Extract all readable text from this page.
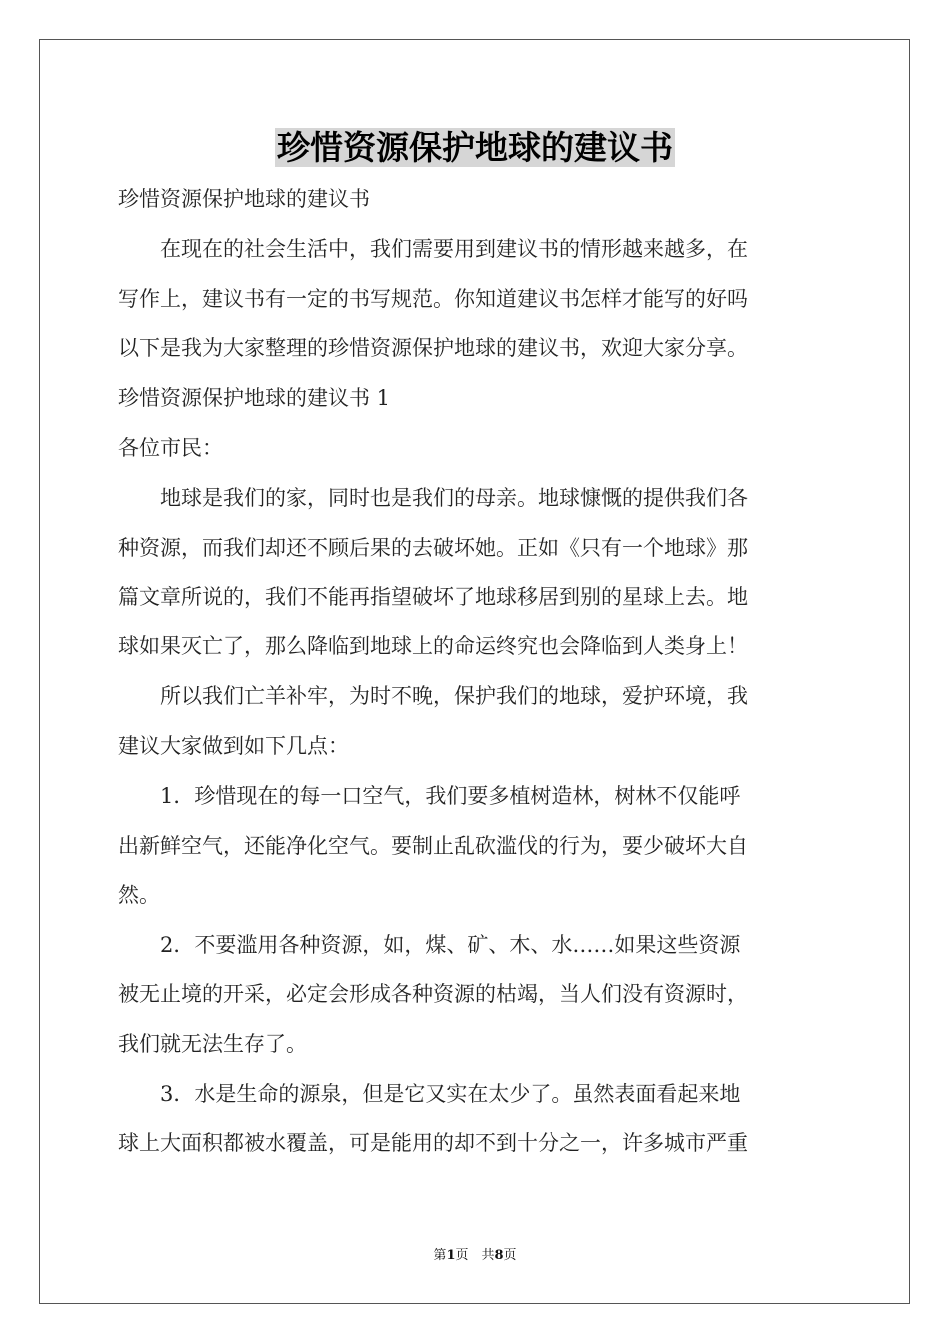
珍惜资源保护地球的建议书
珍惜资源保护地球的建议书
　　在现在的社会生活中，我们需要用到建议书的情形越来越多，在
写作上，建议书有一定的书写规范。你知道建议书怎样才能写的好吗
以下是我为大家整理的珍惜资源保护地球的建议书，欢迎大家分享。
珍惜资源保护地球的建议书 1
各位市民：
　　地球是我们的家，同时也是我们的母亲。地球慷慨的提供我们各
种资源，而我们却还不顾后果的去破坏她。正如《只有一个地球》那
篇文章所说的，我们不能再指望破坏了地球移居到别的星球上去。地
球如果灭亡了，那么降临到地球上的命运终究也会降临到人类身上！
　　所以我们亡羊补牢，为时不晚，保护我们的地球，爱护环境，我
建议大家做到如下几点：
　　1．珍惜现在的每一口空气，我们要多植树造林，树林不仅能呼
出新鲜空气，还能净化空气。要制止乱砍滥伐的行为，要少破坏大自
然。
　　2．不要滥用各种资源，如，煤、矿、木、水……如果这些资源
被无止境的开采，必定会形成各种资源的枯竭，当人们没有资源时，
我们就无法生存了。
　　3．水是生命的源泉，但是它又实在太少了。虽然表面看起来地
球上大面积都被水覆盖，可是能用的却不到十分之一，许多城市严重
第1页　共8页
